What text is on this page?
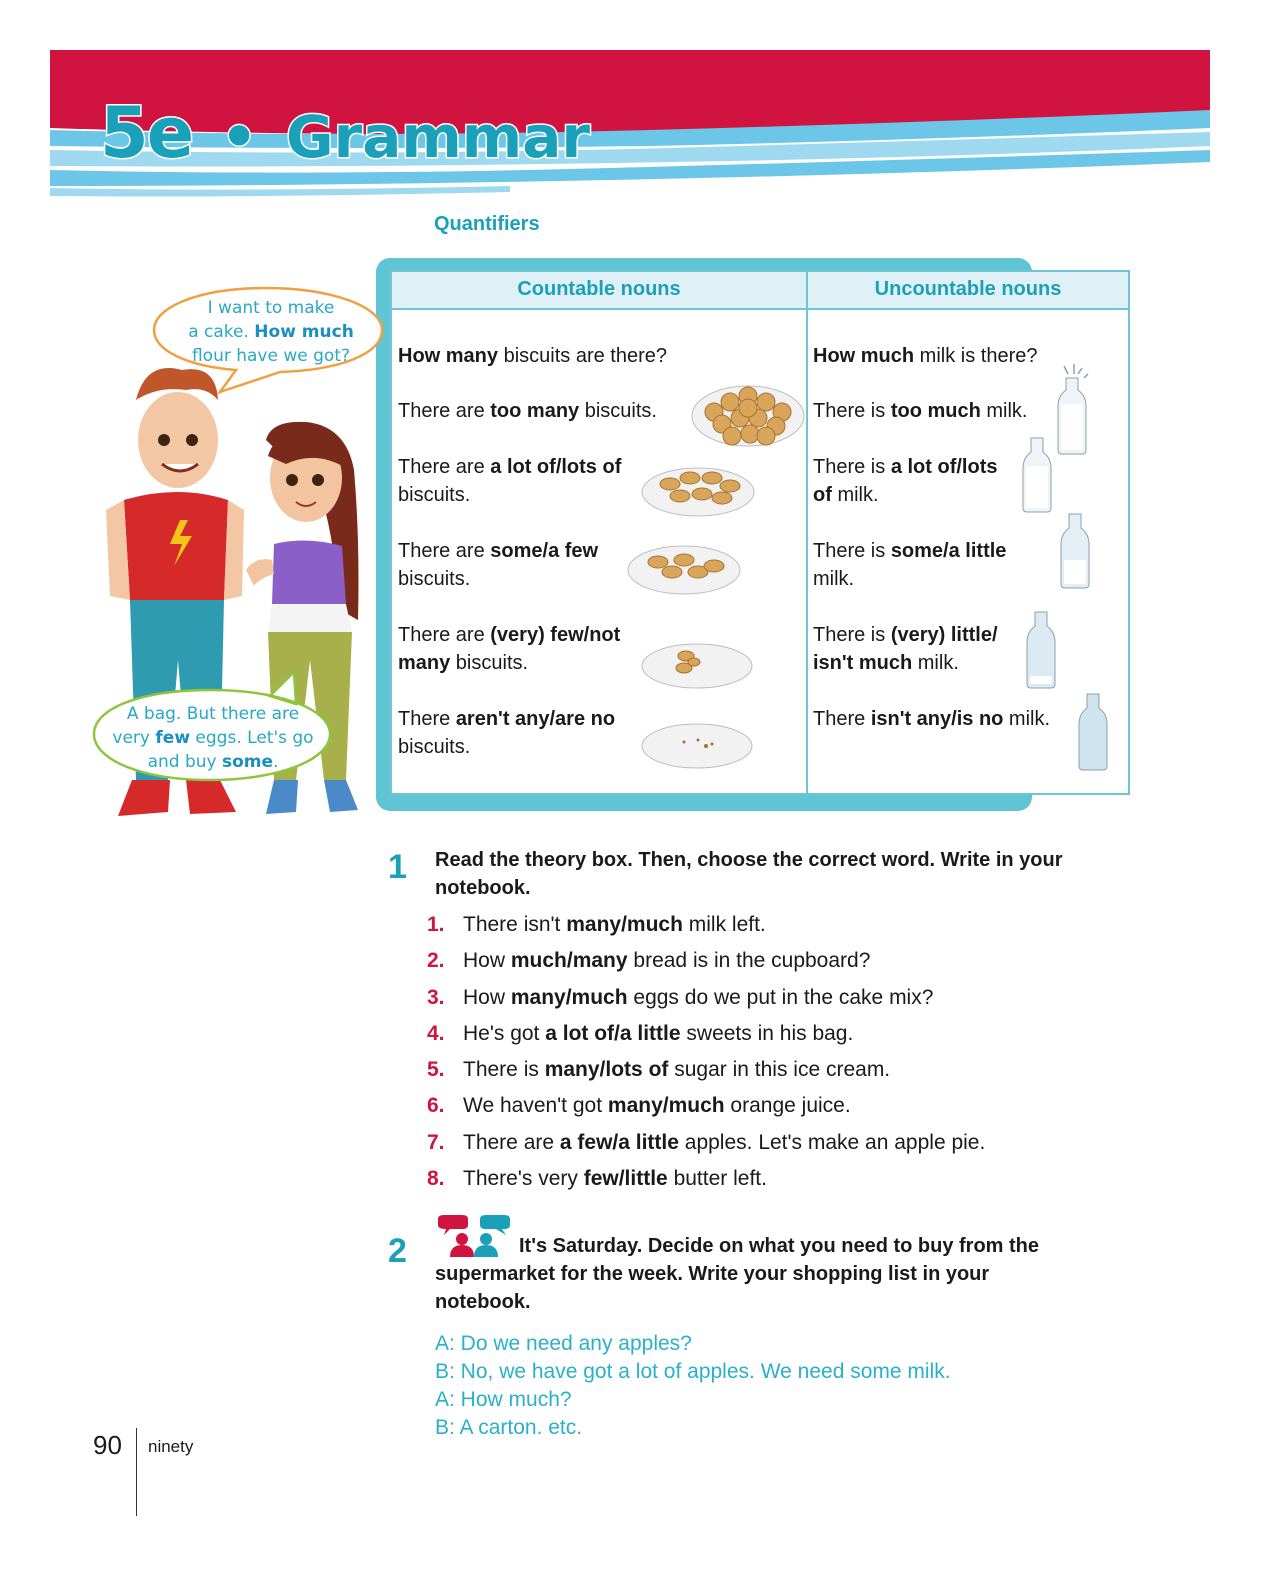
5e • Grammar
Quantifiers
Countable nouns	Uncountable nouns
How many biscuits are there?
There are too many biscuits.
There are a lot of/lots of
biscuits.
There are some/a few
biscuits.
There are (very) few/not
many biscuits.
There aren't any/are no
biscuits.
How much milk is there?
There is too much milk.
There is a lot of/lots
of milk.
There is some/a little
milk.
There is (very) little/
isn't much milk.
There isn't any/is no milk.
I want to make
a cake. How much
flour have we got?
A bag. But there are
very few eggs. Let's go
and buy some.
1 Read the theory box. Then, choose the correct word. Write in your
notebook.
1. There isn't many/much milk left.
2. How much/many bread is in the cupboard?
3. How many/much eggs do we put in the cake mix?
4. He's got a lot of/a little sweets in his bag.
5. There is many/lots of sugar in this ice cream.
6. We haven't got many/much orange juice.
7. There are a few/a little apples. Let's make an apple pie.
8. There's very few/little butter left.
2	It's Saturday. Decide on what you need to buy from the
supermarket for the week. Write your shopping list in your
notebook.
A: Do we need any apples?
B: No, we have got a lot of apples. We need some milk.
A: How much?
B: A carton. etc.
90 ninety
